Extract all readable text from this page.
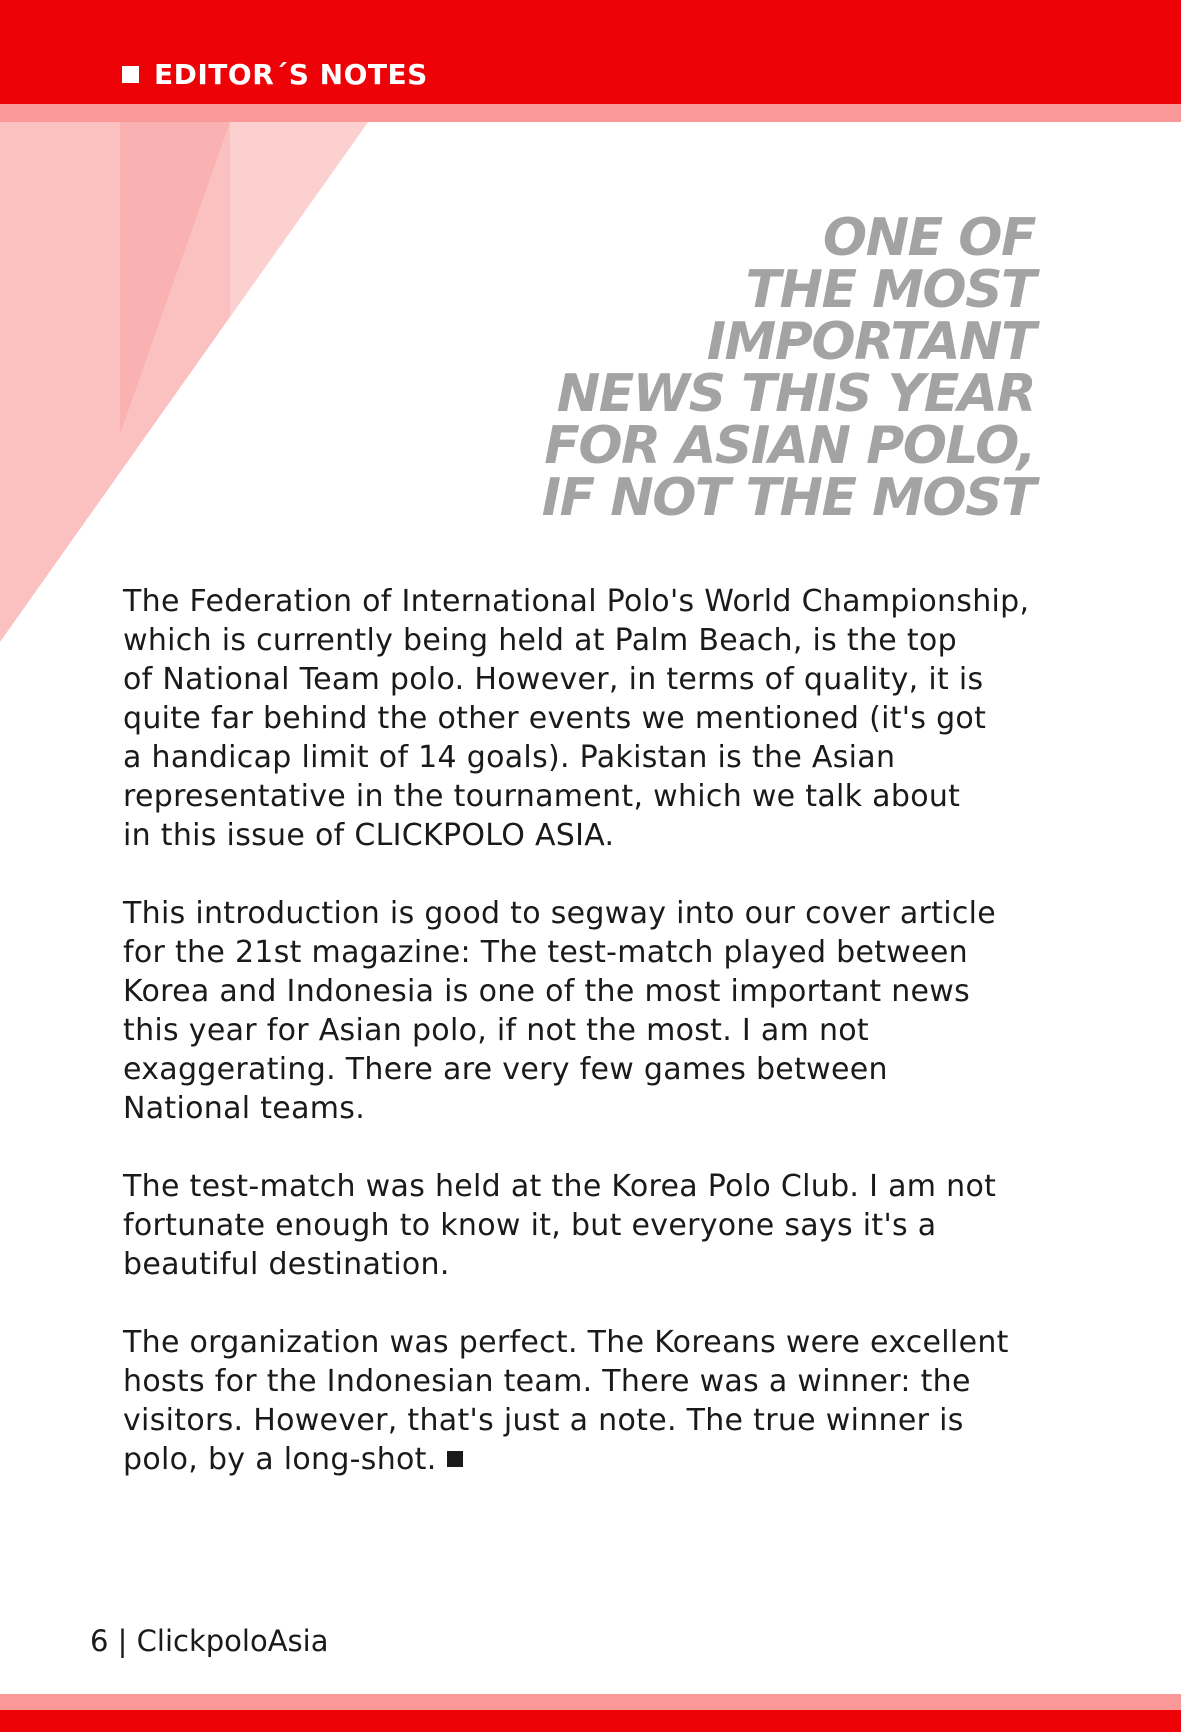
EDITOR´S NOTES
ONE OF
THE MOST
IMPORTANT
NEWS THIS YEAR
FOR ASIAN POLO,
IF NOT THE MOST
The Federation of International Polo's World Championship,
which is currently being held at Palm Beach, is the top
of National Team polo. However, in terms of quality, it is
quite far behind the other events we mentioned (it's got
a handicap limit of 14 goals). Pakistan is the Asian
representative in the tournament, which we talk about
in this issue of CLICKPOLO ASIA.
This introduction is good to segway into our cover article
for the 21st magazine: The test-match played between
Korea and Indonesia is one of the most important news
this year for Asian polo, if not the most. I am not
exaggerating. There are very few games between
National teams.
The test-match was held at the Korea Polo Club. I am not
fortunate enough to know it, but everyone says it's a
beautiful destination.
The organization was perfect. The Koreans were excellent
hosts for the Indonesian team. There was a winner: the
visitors. However, that's just a note. The true winner is
polo, by a long-shot.
6 | ClickpoloAsia
